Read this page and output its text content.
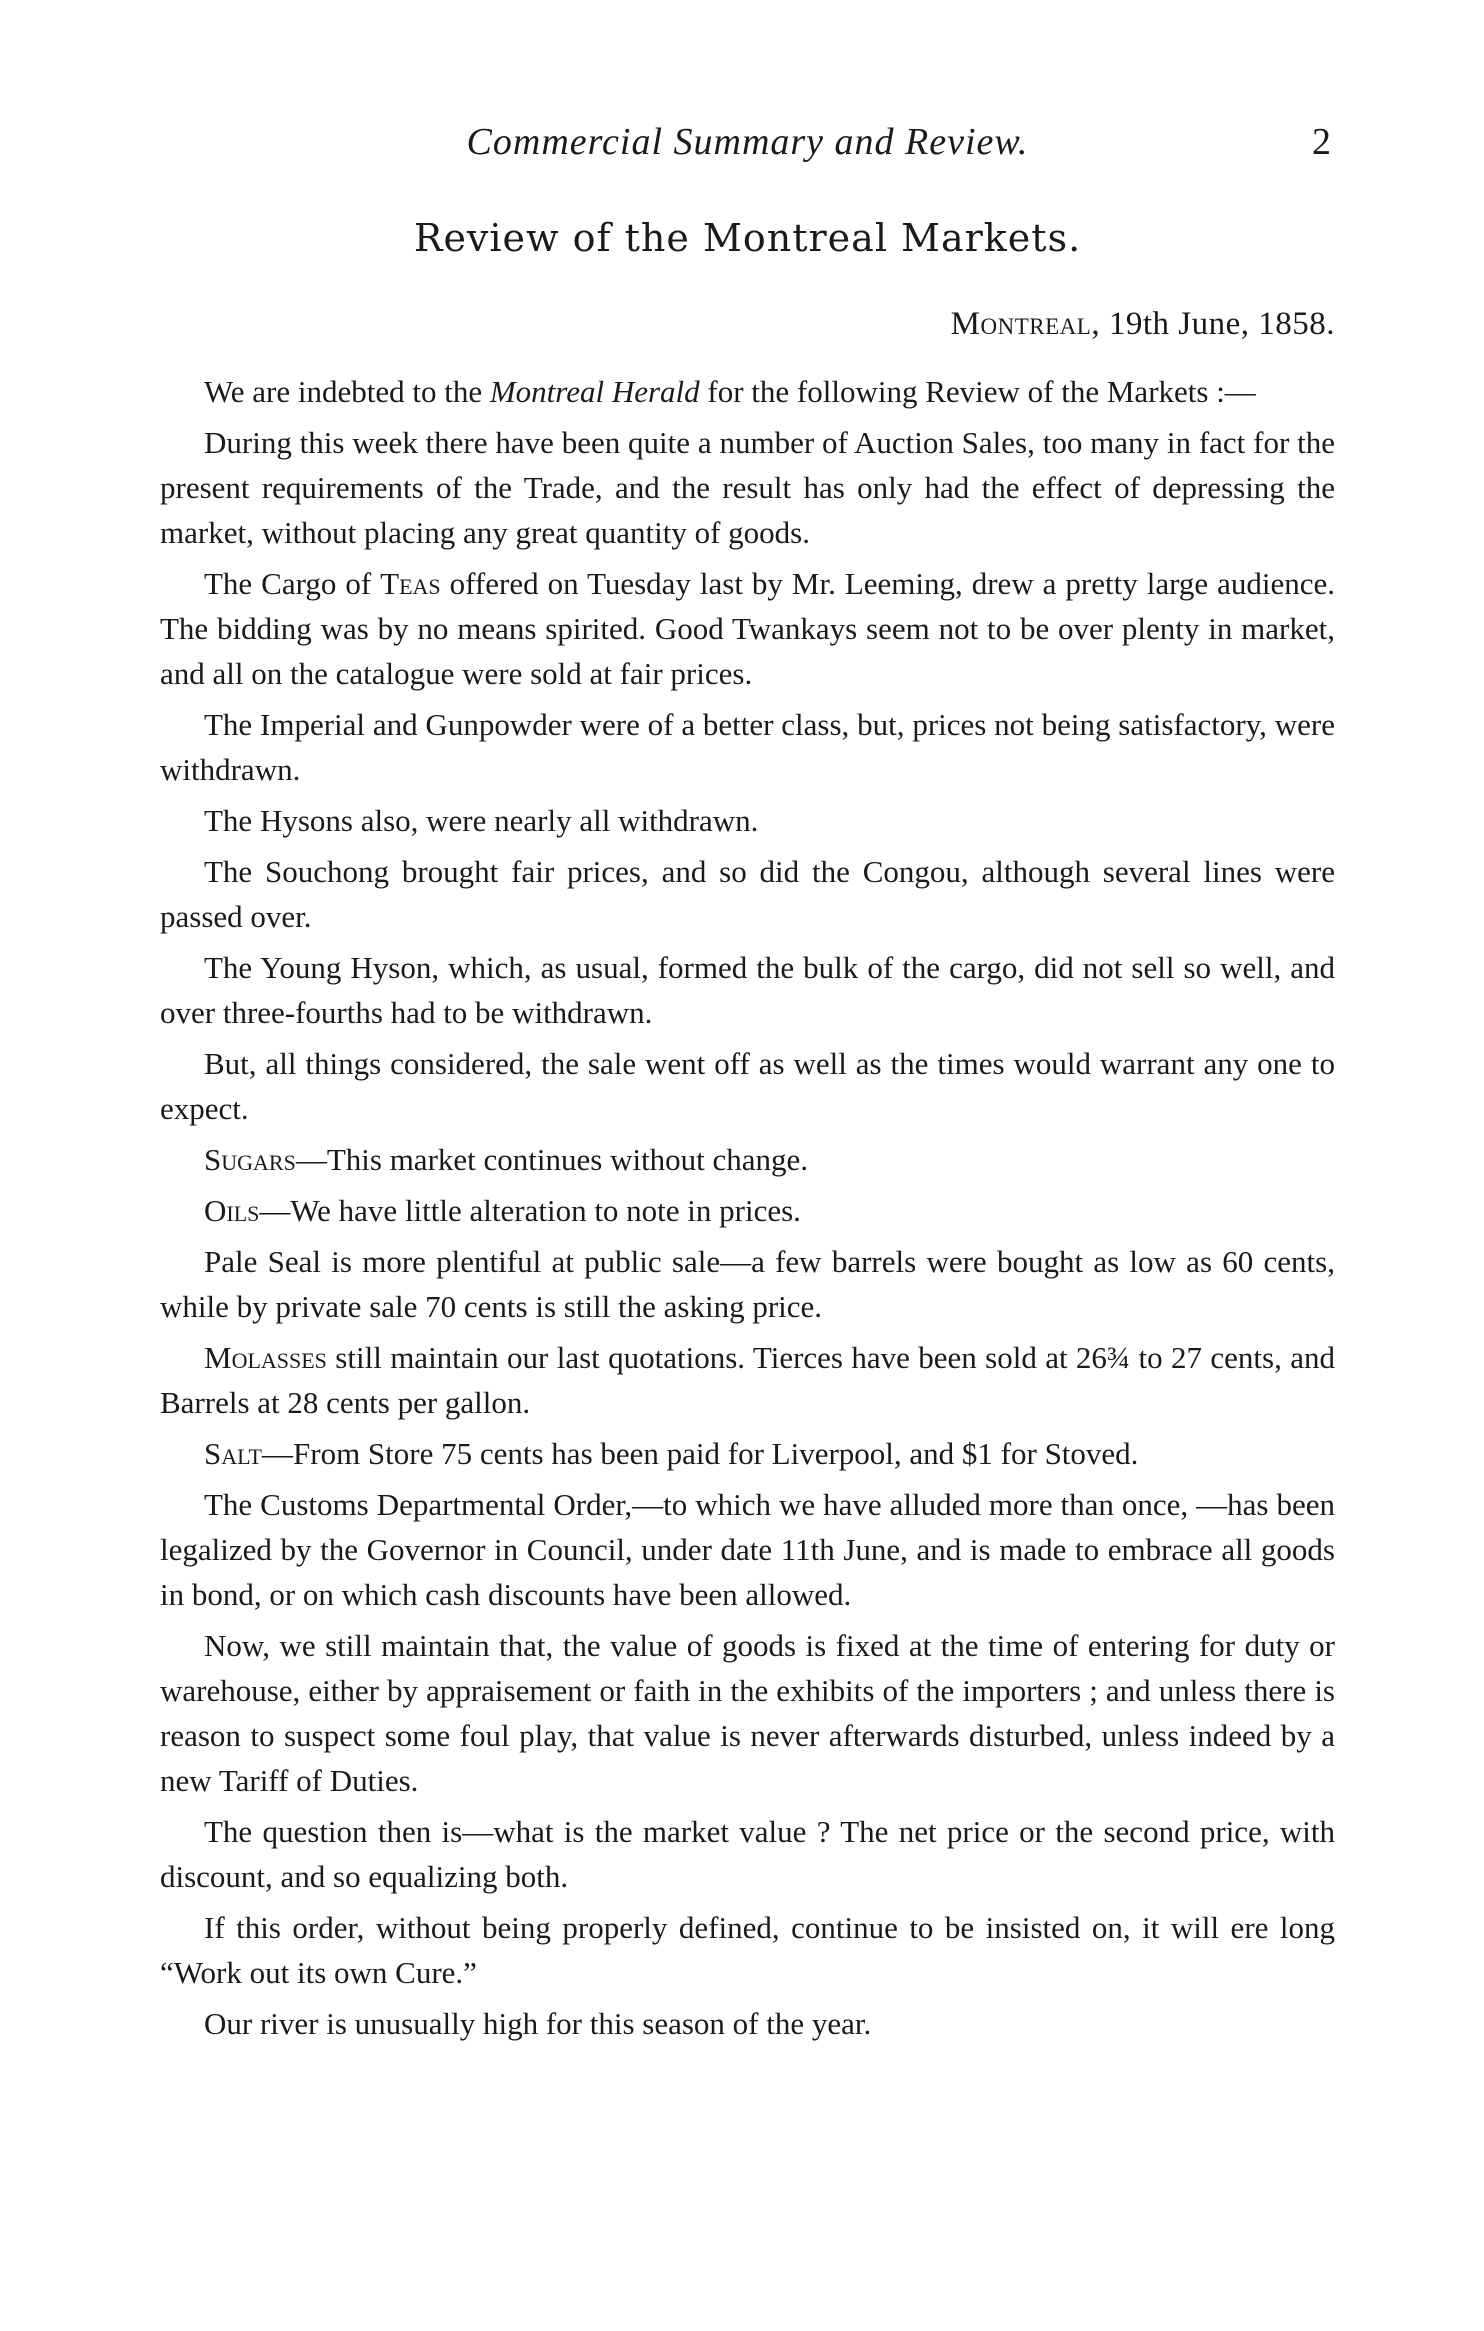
Commercial Summary and Review.	2
Review of the Montreal Markets.
Montreal, 19th June, 1858.

We are indebted to the Montreal Herald for the following Review of the Markets :—

During this week there have been quite a number of Auction Sales, too many in fact for the present requirements of the Trade, and the result has only had the effect of depressing the market, without placing any great quantity of goods.

The Cargo of Teas offered on Tuesday last by Mr. Leeming, drew a pretty large audience. The bidding was by no means spirited. Good Twankays seem not to be over plenty in market, and all on the catalogue were sold at fair prices.

The Imperial and Gunpowder were of a better class, but, prices not being satisfactory, were withdrawn.

The Hysons also, were nearly all withdrawn.

The Souchong brought fair prices, and so did the Congou, although several lines were passed over.

The Young Hyson, which, as usual, formed the bulk of the cargo, did not sell so well, and over three-fourths had to be withdrawn.

But, all things considered, the sale went off as well as the times would warrant any one to expect.

Sugars—This market continues without change.

Oils—We have little alteration to note in prices.

Pale Seal is more plentiful at public sale—a few barrels were bought as low as 60 cents, while by private sale 70 cents is still the asking price.

Molasses still maintain our last quotations. Tierces have been sold at 26¾ to 27 cents, and Barrels at 28 cents per gallon.

Salt—From Store 75 cents has been paid for Liverpool, and $1 for Stoved.

The Customs Departmental Order,—to which we have alluded more than once, —has been legalized by the Governor in Council, under date 11th June, and is made to embrace all goods in bond, or on which cash discounts have been allowed.

Now, we still maintain that, the value of goods is fixed at the time of entering for duty or warehouse, either by appraisement or faith in the exhibits of the importers ; and unless there is reason to suspect some foul play, that value is never afterwards disturbed, unless indeed by a new Tariff of Duties.

The question then is—what is the market value ? The net price or the second price, with discount, and so equalizing both.

If this order, without being properly defined, continue to be insisted on, it will ere long “Work out its own Cure.”

Our river is unusually high for this season of the year.
